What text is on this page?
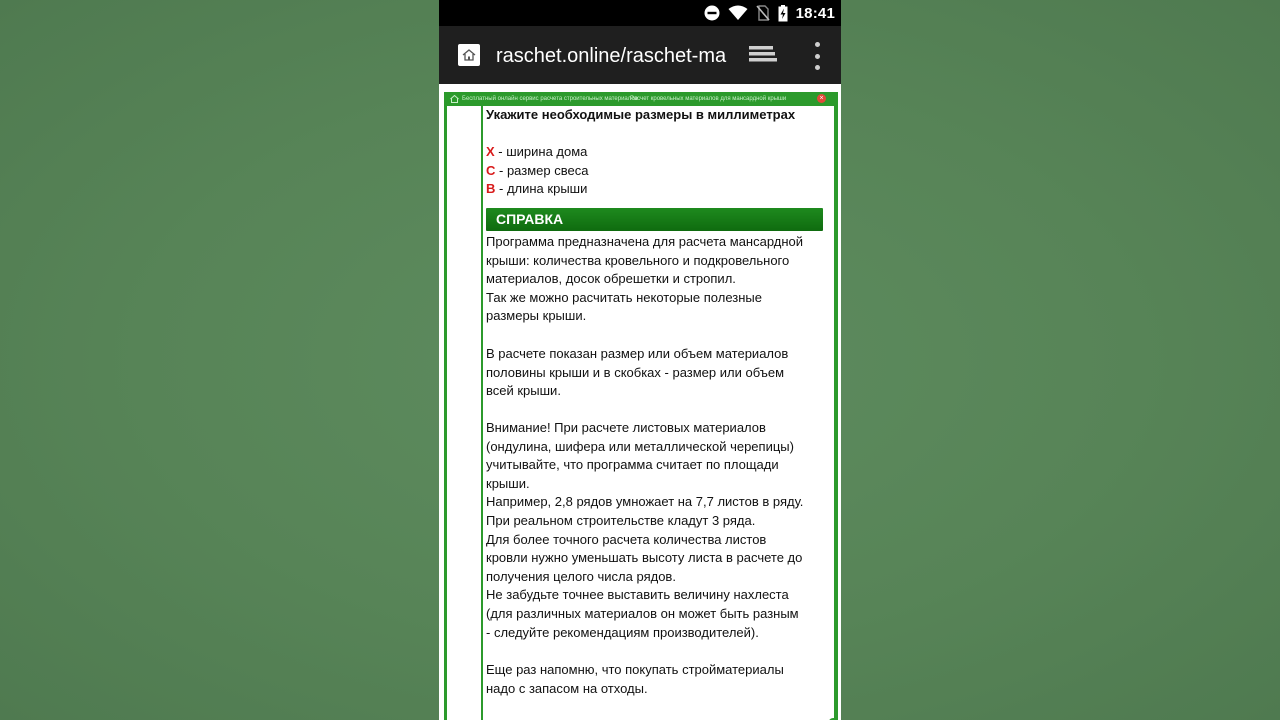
18:41
raschet.online/raschet-ma
Бесплатный онлайн сервис расчета строительных материалов
Расчет кровельных материалов для мансардной крыши	×
Укажите необходимые размеры в миллиметрах
X - ширина дома
C - размер свеса
B - длина крыши
СПРАВКА
Программа предназначена для расчета мансардной
крыши: количества кровельного и подкровельного
материалов, досок обрешетки и стропил.
Так же можно расчитать некоторые полезные
размеры крыши.
В расчете показан размер или объем материалов
половины крыши и в скобках - размер или объем
всей крыши.
Внимание! При расчете листовых материалов
(ондулина, шифера или металлической черепицы)
учитывайте, что программа считает по площади
крыши.
Например, 2,8 рядов умножает на 7,7 листов в ряду.
При реальном строительстве кладут 3 ряда.
Для более точного расчета количества листов
кровли нужно уменьшать высоту листа в расчете до
получения целого числа рядов.
Не забудьте точнее выставить величину нахлеста
(для различных материалов он может быть разным
- следуйте рекомендациям производителей).
Еще раз напомню, что покупать стройматериалы
надо с запасом на отходы.
